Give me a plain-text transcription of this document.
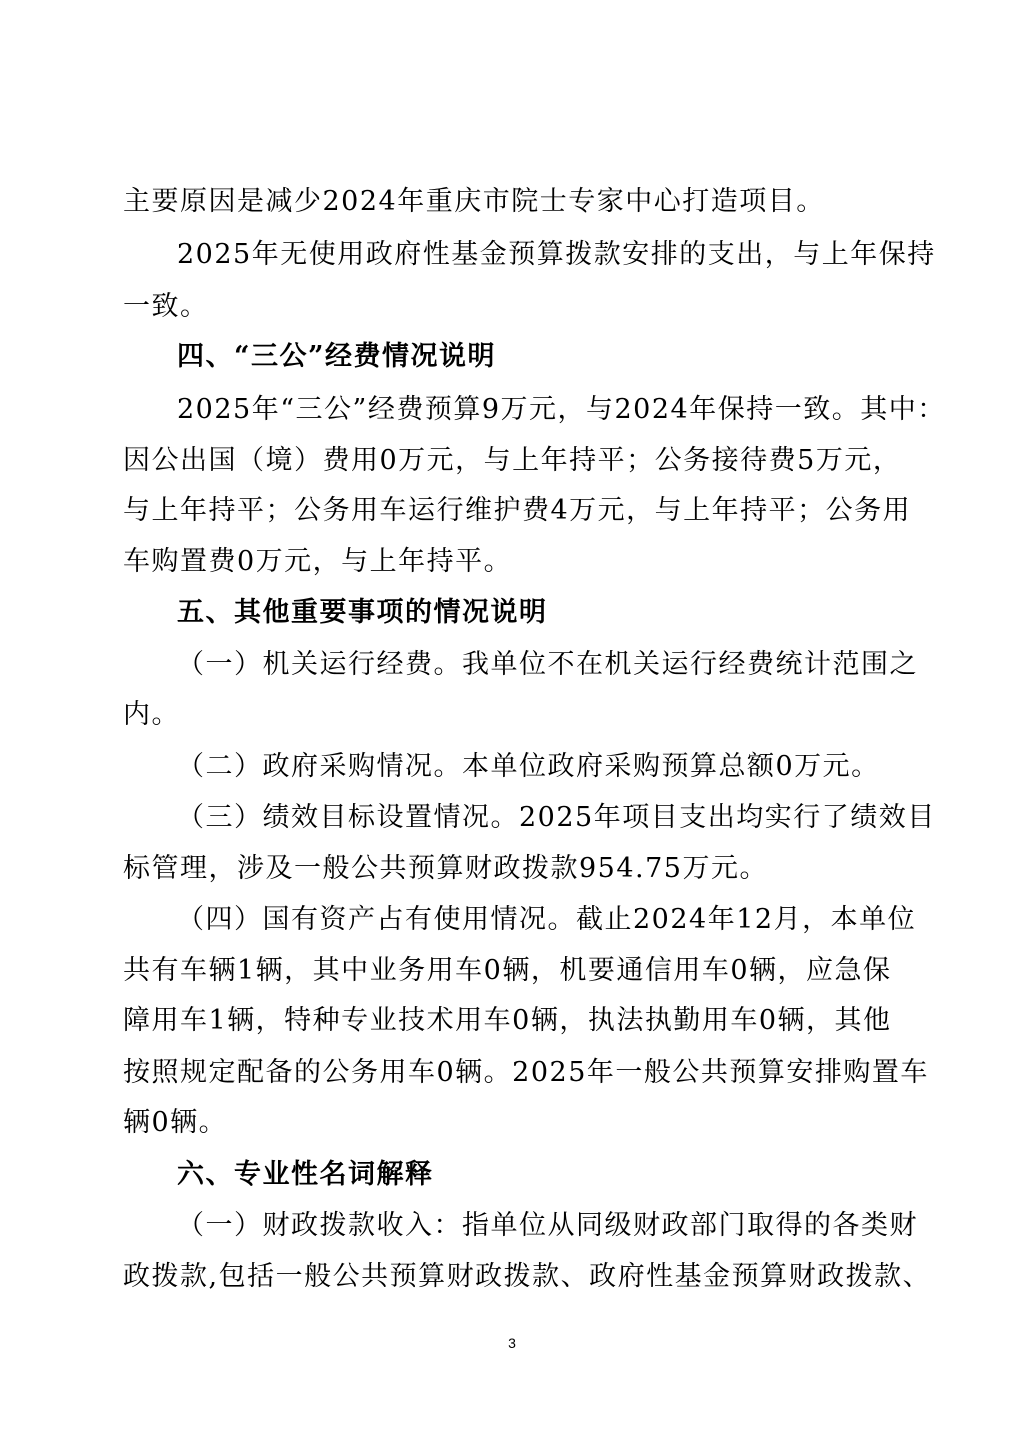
主要原因是减少2024年重庆市院士专家中心打造项目。
2025年无使用政府性基金预算拨款安排的支出，与上年保持
一致。
四、“三公”经费情况说明
2025年“三公”经费预算9万元，与2024年保持一致。其中：
因公出国（境）费用0万元，与上年持平；公务接待费5万元，
与上年持平；公务用车运行维护费4万元，与上年持平；公务用
车购置费0万元，与上年持平。
五、其他重要事项的情况说明
（一）机关运行经费。我单位不在机关运行经费统计范围之
内。
（二）政府采购情况。本单位政府采购预算总额0万元。
（三）绩效目标设置情况。2025年项目支出均实行了绩效目
标管理，涉及一般公共预算财政拨款954.75万元。
（四）国有资产占有使用情况。截止2024年12月，本单位
共有车辆1辆，其中业务用车0辆，机要通信用车0辆，应急保
障用车1辆，特种专业技术用车0辆，执法执勤用车0辆，其他
按照规定配备的公务用车0辆。2025年一般公共预算安排购置车
辆0辆。
六、专业性名词解释
（一）财政拨款收入：指单位从同级财政部门取得的各类财
政拨款,包括一般公共预算财政拨款、政府性基金预算财政拨款、
3
